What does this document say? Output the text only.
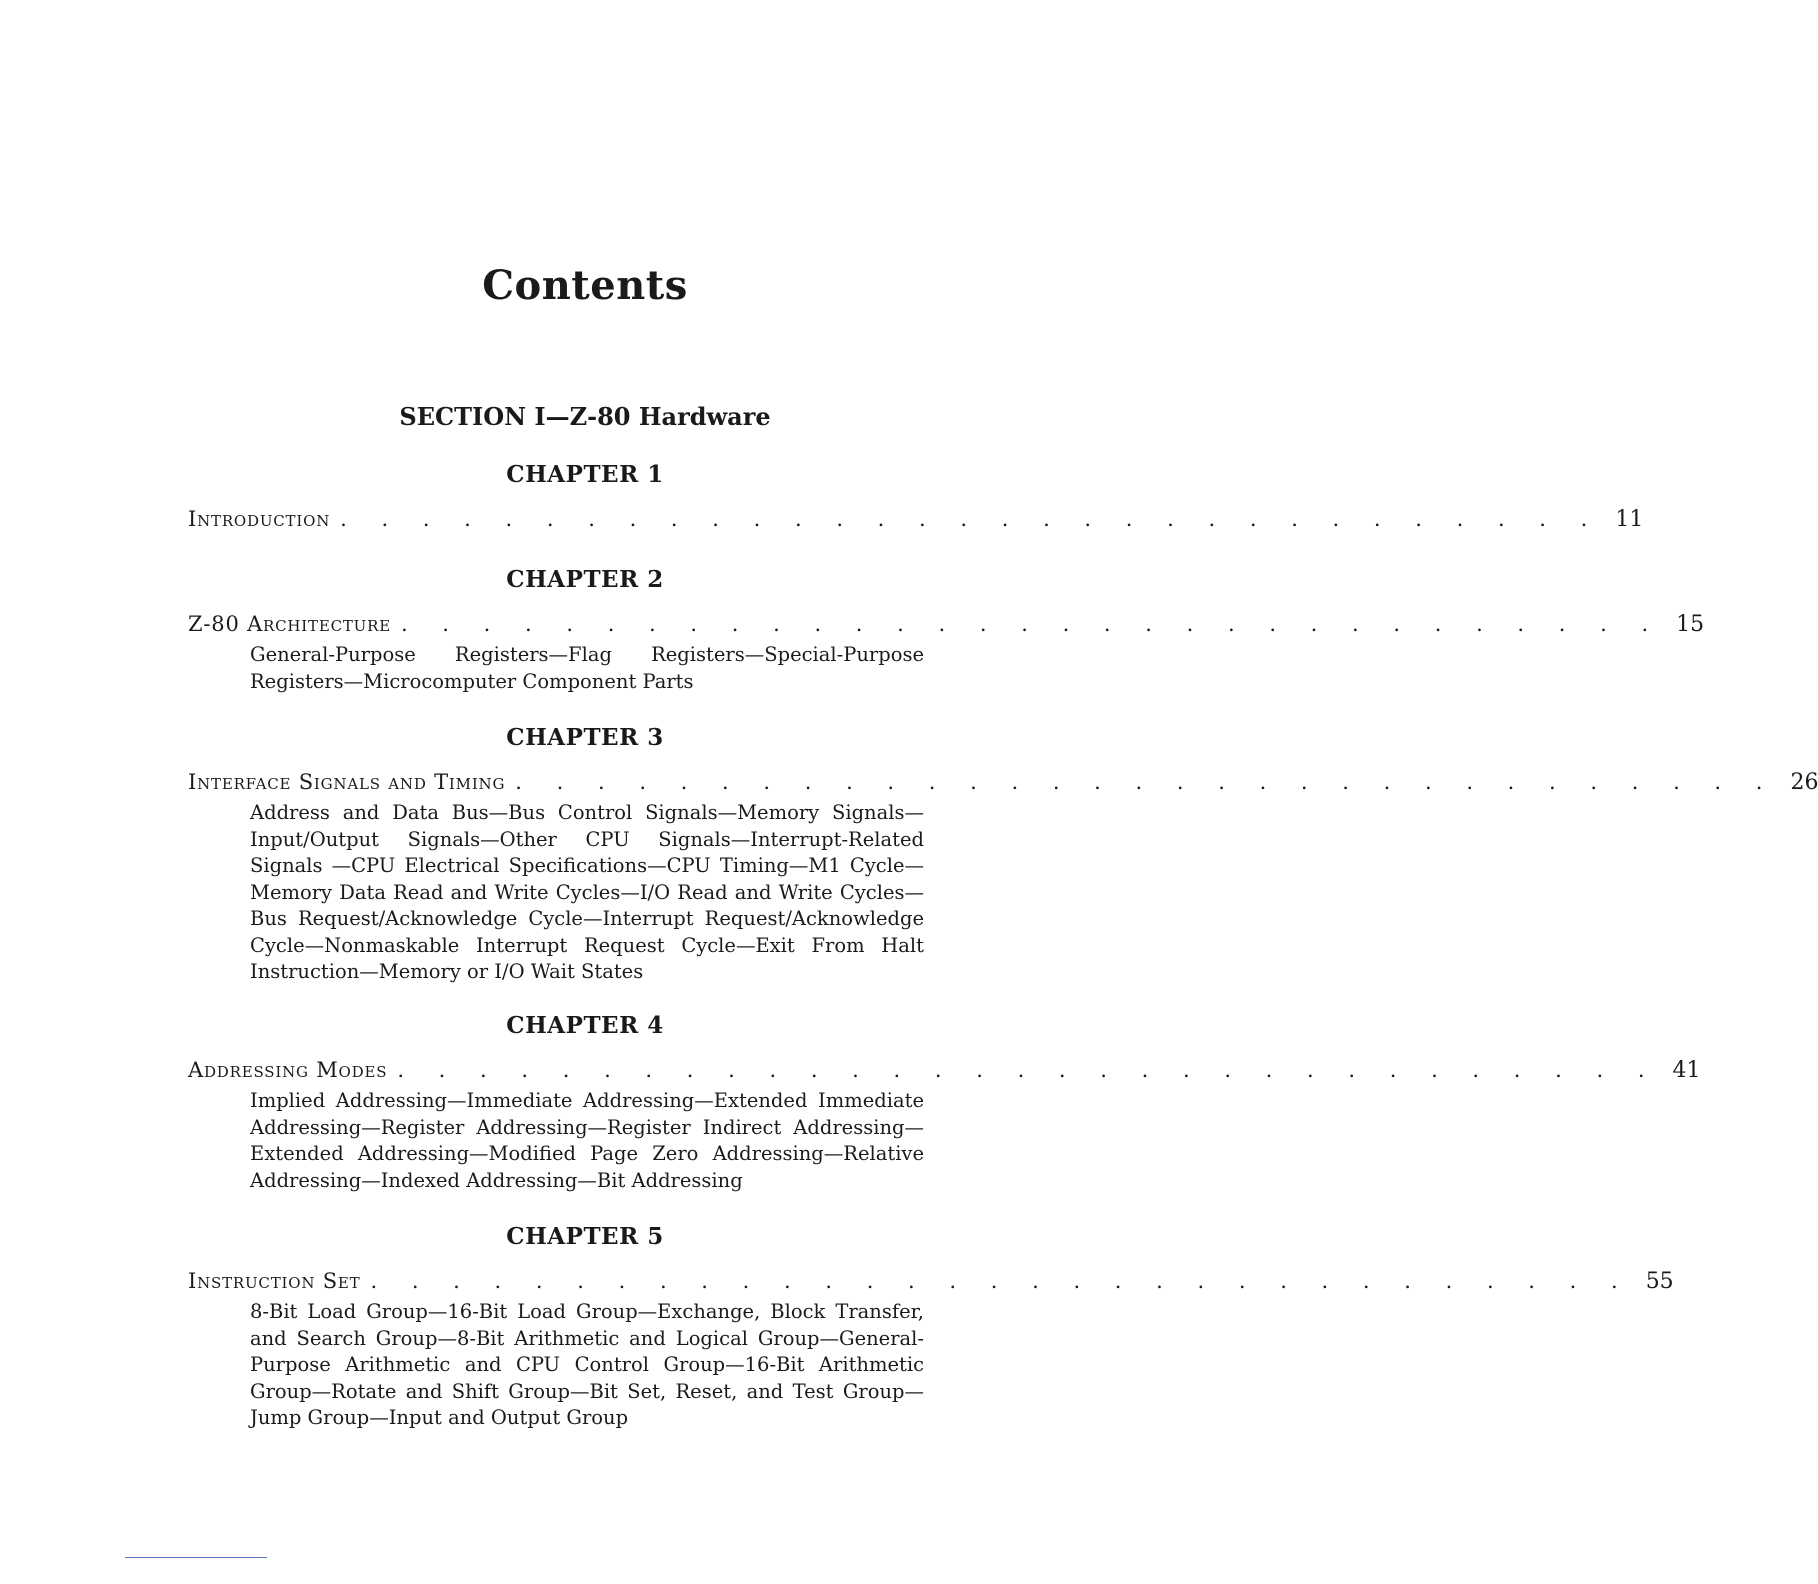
Contents
SECTION I—Z-80 Hardware
CHAPTER 1
Introduction . . . . . . . . . . . . . . . . . . . . . . . . . . . . . . . 11
CHAPTER 2
Z-80 Architecture . . . . . . . . . . . . . . . . . . . . . . . . . . . . . . . 15
General-Purpose Registers—Flag Registers—Special-Purpose Registers—Microcomputer Component Parts
CHAPTER 3
Interface Signals and Timing . . . . . . . . . . . . . . . . . . . . . . . . . . . . . . . 26
Address and Data Bus—Bus Control Signals—Memory Signals—Input/Output Signals—Other CPU Signals—Interrupt-Related Signals —CPU Electrical Specifications—CPU Timing—M1 Cycle—Memory Data Read and Write Cycles—I/O Read and Write Cycles—Bus Request/Acknowledge Cycle—Interrupt Request/Acknowledge Cycle—Nonmaskable Interrupt Request Cycle—Exit From Halt Instruction—Memory or I/O Wait States
CHAPTER 4
Addressing Modes . . . . . . . . . . . . . . . . . . . . . . . . . . . . . . . 41
Implied Addressing—Immediate Addressing—Extended Immediate Addressing—Register Addressing—Register Indirect Addressing—Extended Addressing—Modified Page Zero Addressing—Relative Addressing—Indexed Addressing—Bit Addressing
CHAPTER 5
Instruction Set . . . . . . . . . . . . . . . . . . . . . . . . . . . . . . . 55
8-Bit Load Group—16-Bit Load Group—Exchange, Block Transfer, and Search Group—8-Bit Arithmetic and Logical Group—General-Purpose Arithmetic and CPU Control Group—16-Bit Arithmetic Group—Rotate and Shift Group—Bit Set, Reset, and Test Group—Jump Group—Input and Output Group
